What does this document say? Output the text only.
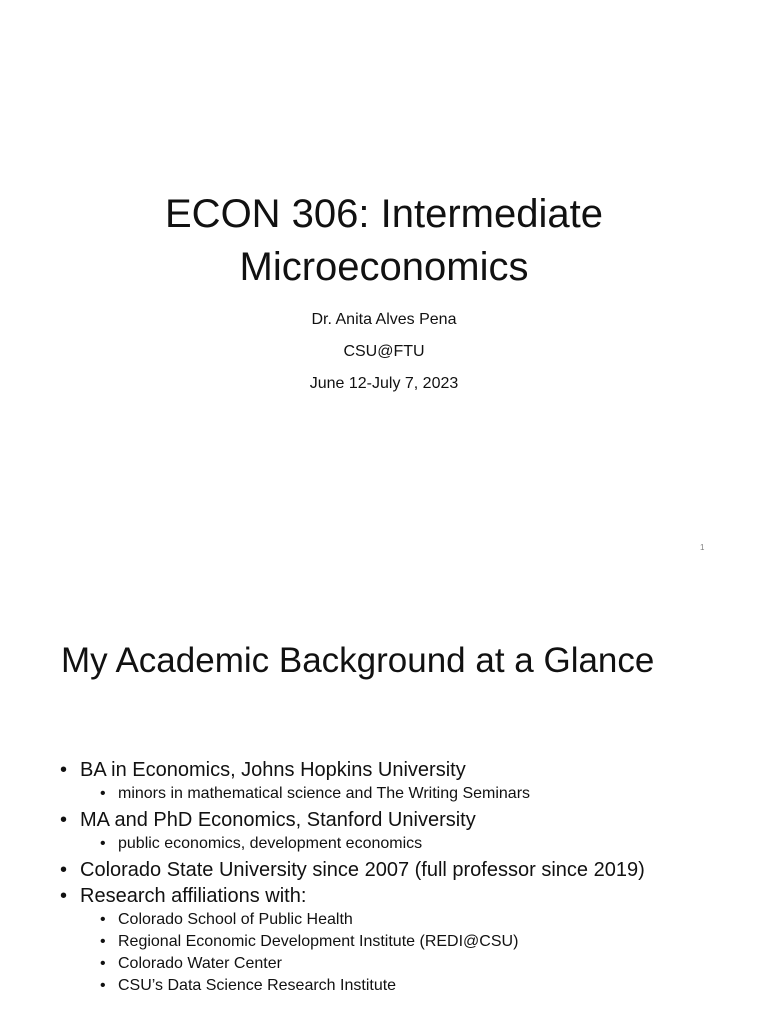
ECON 306: Intermediate
Microeconomics
Dr. Anita Alves Pena
CSU@FTU
June 12-July 7, 2023
1
My Academic Background at a Glance
• BA in Economics, Johns Hopkins University
• minors in mathematical science and The Writing Seminars
• MA and PhD Economics, Stanford University
• public economics, development economics
• Colorado State University since 2007 (full professor since 2019)
• Research affiliations with:
• Colorado School of Public Health
• Regional Economic Development Institute (REDI@CSU)
• Colorado Water Center
• CSU’s Data Science Research Institute
